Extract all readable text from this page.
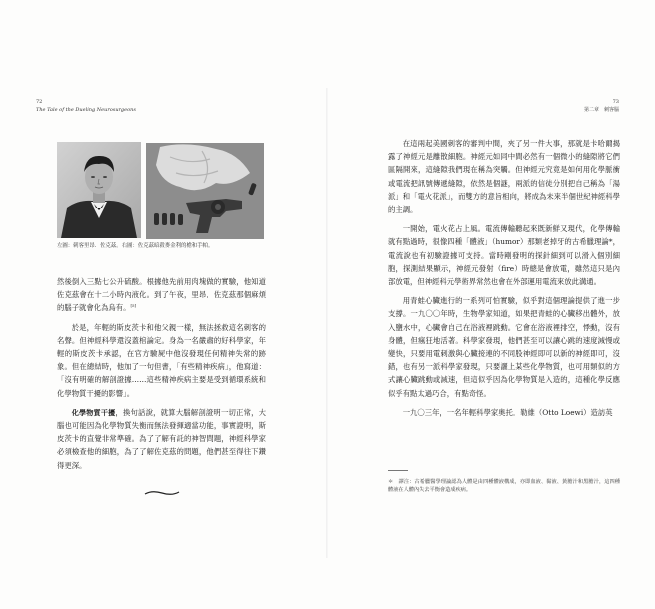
72
The Tale of the Dueling Neurosurgeons
左圖：刺客里昂．佐克茲。右圖：佐克茲暗殺麥金利的槍和手帕。

然後倒入三點七公升硫酸。根據他先前用肉塊做的實驗，他知道佐克茲會在十二小時內液化。到了午夜，里昂．佐克茲那個麻煩的腦子就會化為烏有。[5]

於是，年輕的斯皮茨卡和他父親一樣，無法拯救這名刺客的名聲。但神經科學還沒蓋棺論定。身為一名嚴肅的好科學家，年輕的斯皮茨卡承認，在官方驗屍中他沒發現任何精神失常的跡象。但在總結時，他加了一句但書，「有些精神疾病」，他寫道：「沒有明確的解剖證據……這些精神疾病主要是受到循環系統和化學物質干擾的影響」。

化學物質干擾，換句話說，就算大腦解剖證明一切正常，大腦也可能因為化學物質失衡而無法發揮適當功能，事實證明，斯皮茨卡的直覺非常準確。為了了解有託的神智問題，神經科學家必須檢查他的細胞，為了了解佐克茲的問題，他們甚至得往下鑽得更深。

73
第二章　刺客腦

在這兩起美國刺客的審判中間，夾了另一件大事，那就是卡哈爾揭露了神經元是離散細胞。神經元如同中間必然有一個微小的縫隙將它們區隔開來，這縫隙我們現在稱為突觸。但神經元究竟是如何用化學脈衝或電流把訊號傳遞縫隙，依然是個謎，兩派的信徒分別把自己稱為「湯派」和「電火花派」，而雙方的意旨相向，將成為未來半個世紀神經科學的主調。

一開始，電火花占上風。電流傳輸聽起來既新鮮又現代，化學傳輸就有點過時，很像四種「體液」（humor）那類老掉牙的古希臘理論*，電流說也有初驗證據可支持。當時剛發明的探針細到可以滑入個別細胞，探測結果顯示，神經元發射（fire）時總是會放電，雖然這只是內部放電，但神經科元學術界常然也會在外部運用電流來放此溝通。

用青蛙心臟進行的一系列可怕實驗，似乎對這個理論提供了進一步支撐。一九〇〇年時，生物學家知道，如果把青蛙的心臟移出體外，放入鹽水中，心臟會自己在浴液裡跳動。它會在浴液裡排空，悸動，沒有身體，但瘋狂地活著。科學家發現，他們甚至可以讓心跳的速度減慢或變快，只要用電刺激與心臟接連的不同股神經即可以新的神經即可，沒錯，也有另一派科學家發現，只要灑上某些化學物質，也可用類似的方式讓心臟跳動或減速，但這似乎因為化學物質是入造的，這種化學反應似乎有點太過巧合，有點奇怪。

一九〇三年，一名年輕科學家奧托．勒維（Otto Loewi）造訪英

＊　譯注：古希臘醫學理論認為人體是由四種體液構成，亦即血液、黏液、黃膽汁和黑膽汁，這四種體液在人體內失去平衡會造成疾病。
